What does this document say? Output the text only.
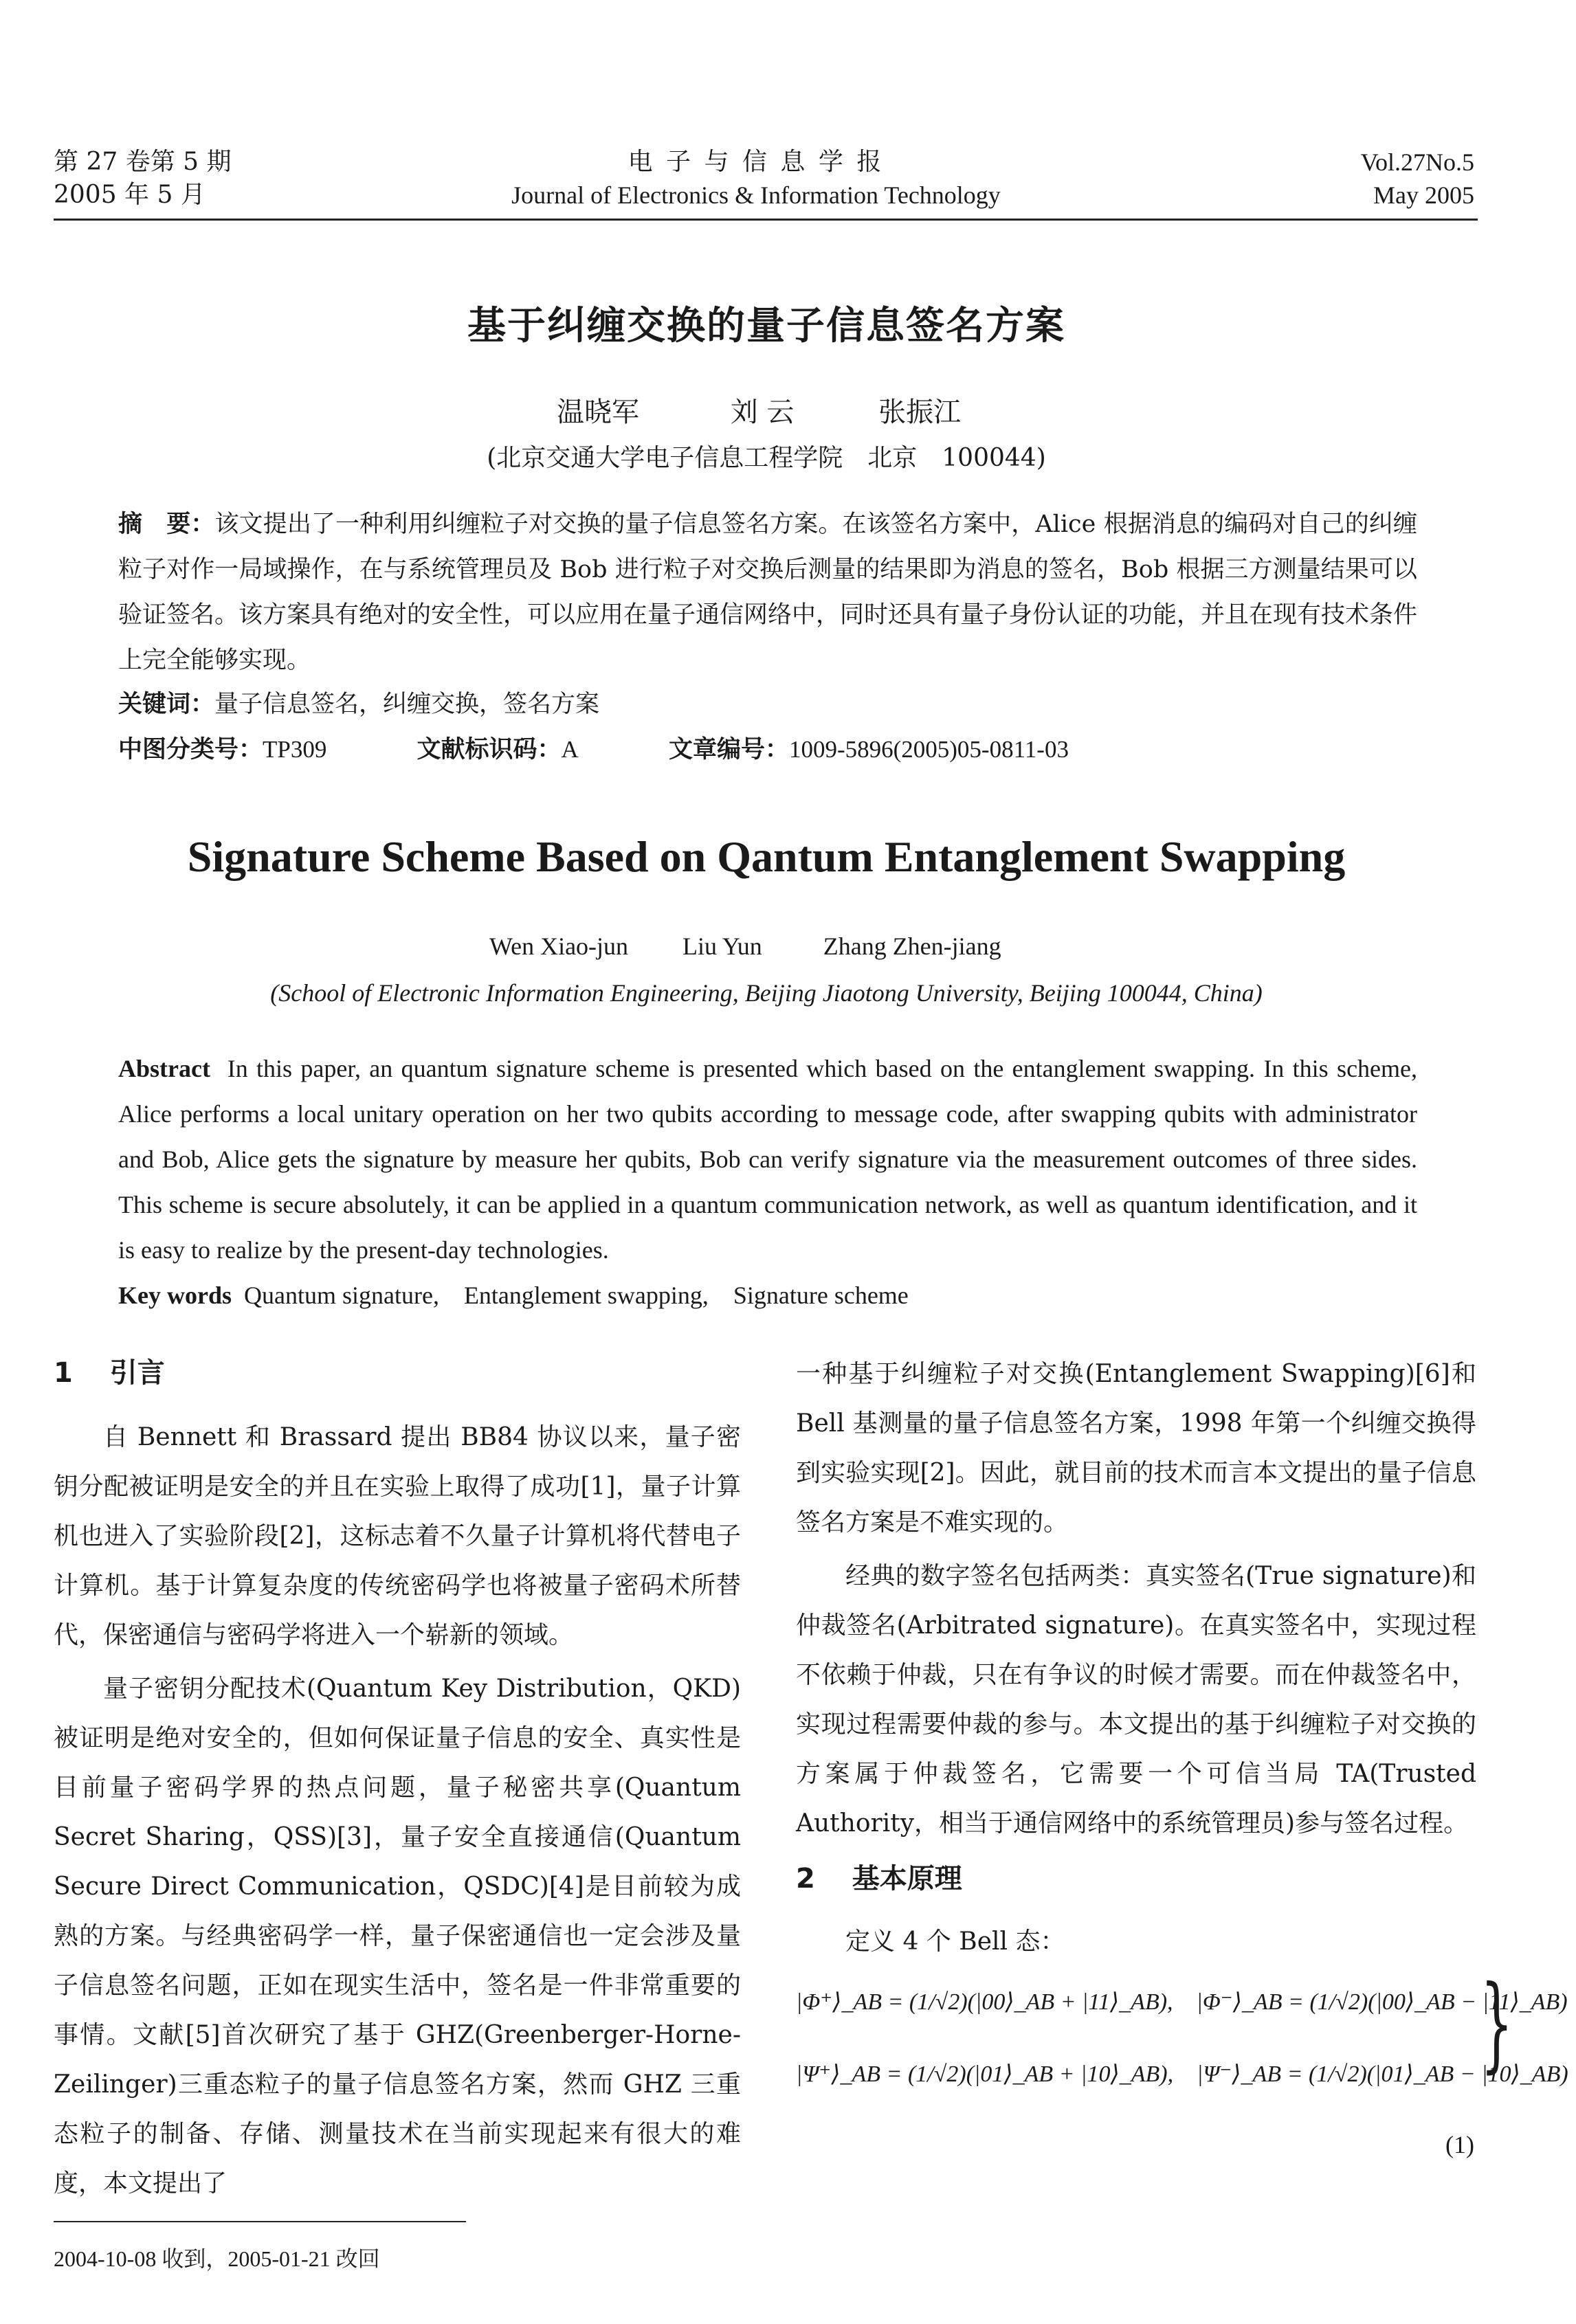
第 27 卷第 5 期
2005 年 5 月
电 子 与 信 息 学 报
Journal of Electronics & Information Technology
Vol.27No.5
May 2005
基于纠缠交换的量子信息签名方案
温晓军	刘 云	张振江
(北京交通大学电子信息工程学院　北京　100044)
摘　要：该文提出了一种利用纠缠粒子对交换的量子信息签名方案。在该签名方案中，Alice 根据消息的编码对自己的纠缠粒子对作一局域操作，在与系统管理员及 Bob 进行粒子对交换后测量的结果即为消息的签名，Bob 根据三方测量结果可以验证签名。该方案具有绝对的安全性，可以应用在量子通信网络中，同时还具有量子身份认证的功能，并且在现有技术条件上完全能够实现。
关键词：量子信息签名，纠缠交换，签名方案
中图分类号：TP309	文献标识码：A	文章编号：1009-5896(2005)05-0811-03
Signature Scheme Based on Qantum Entanglement Swapping
Wen Xiao-jun Liu Yun Zhang Zhen-jiang
(School of Electronic Information Engineering, Beijing Jiaotong University, Beijing 100044, China)
Abstract In this paper, an quantum signature scheme is presented which based on the entanglement swapping. In this scheme, Alice performs a local unitary operation on her two qubits according to message code, after swapping qubits with administrator and Bob, Alice gets the signature by measure her qubits, Bob can verify signature via the measurement outcomes of three sides. This scheme is secure absolutely, it can be applied in a quantum communication network, as well as quantum identification, and it is easy to realize by the present-day technologies.
Key words Quantum signature,　Entanglement swapping,　Signature scheme
1 引言

自 Bennett 和 Brassard 提出 BB84 协议以来，量子密钥分配被证明是安全的并且在实验上取得了成功[1]，量子计算机也进入了实验阶段[2]，这标志着不久量子计算机将代替电子计算机。基于计算复杂度的传统密码学也将被量子密码术所替代，保密通信与密码学将进入一个崭新的领域。

量子密钥分配技术(Quantum Key Distribution，QKD)被证明是绝对安全的，但如何保证量子信息的安全、真实性是目前量子密码学界的热点问题，量子秘密共享(Quantum Secret Sharing，QSS)[3]，量子安全直接通信(Quantum Secure Direct Communication，QSDC)[4]是目前较为成熟的方案。与经典密码学一样，量子保密通信也一定会涉及量子信息签名问题，正如在现实生活中，签名是一件非常重要的事情。文献[5]首次研究了基于 GHZ(Greenberger-Horne-Zeilinger)三重态粒子的量子信息签名方案，然而 GHZ 三重态粒子的制备、存储、测量技术在当前实现起来有很大的难度，本文提出了

一种基于纠缠粒子对交换(Entanglement Swapping)[6]和 Bell 基测量的量子信息签名方案，1998 年第一个纠缠交换得到实验实现[2]。因此，就目前的技术而言本文提出的量子信息签名方案是不难实现的。

经典的数字签名包括两类：真实签名(True signature)和仲裁签名(Arbitrated signature)。在真实签名中，实现过程不依赖于仲裁，只在有争议的时候才需要。而在仲裁签名中，实现过程需要仲裁的参与。本文提出的基于纠缠粒子对交换的方案属于仲裁签名，它需要一个可信当局 TA(Trusted Authority，相当于通信网络中的系统管理员)参与签名过程。

2 基本原理
定义 4 个 Bell 态：
|Φ⁺⟩_AB = (1/√2)(|00⟩_AB + |11⟩_AB),　|Φ⁻⟩_AB = (1/√2)(|00⟩_AB − |11⟩_AB)
|Ψ⁺⟩_AB = (1/√2)(|01⟩_AB + |10⟩_AB),　|Ψ⁻⟩_AB = (1/√2)(|01⟩_AB − |10⟩_AB)
}
(1)
2004-10-08 收到，2005-01-21 改回
